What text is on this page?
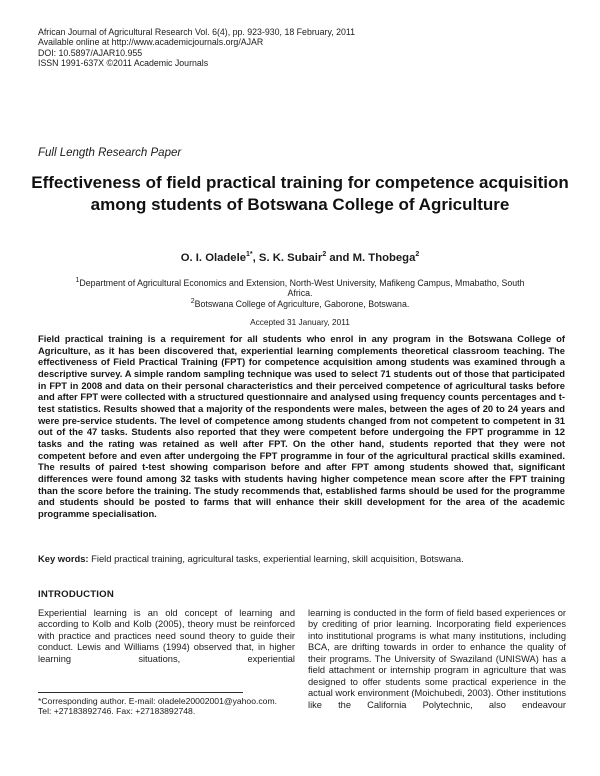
African Journal of Agricultural Research Vol. 6(4), pp. 923-930, 18 February, 2011
Available online at http://www.academicjournals.org/AJAR
DOI: 10.5897/AJAR10.955
ISSN 1991-637X ©2011 Academic Journals
Full Length Research Paper
Effectiveness of field practical training for competence acquisition among students of Botswana College of Agriculture
O. I. Oladele$^{1*}$, S. K. Subair$^2$ and M. Thobega$^2$
$^1$Department of Agricultural Economics and Extension, North-West University, Mafikeng Campus, Mmabatho, South Africa.
$^2$Botswana College of Agriculture, Gaborone, Botswana.
Accepted 31 January, 2011
Field practical training is a requirement for all students who enrol in any program in the Botswana College of Agriculture, as it has been discovered that, experiential learning complements theoretical classroom teaching. The effectiveness of Field Practical Training (FPT) for competence acquisition among students was examined through a descriptive survey. A simple random sampling technique was used to select 71 students out of those that participated in FPT in 2008 and data on their personal characteristics and their perceived competence of agricultural tasks before and after FPT were collected with a structured questionnaire and analysed using frequency counts percentages and t-test statistics. Results showed that a majority of the respondents were males, between the ages of 20 to 24 years and were pre-service students. The level of competence among students changed from not competent to competent in 31 out of the 47 tasks. Students also reported that they were competent before undergoing the FPT programme in 12 tasks and the rating was retained as well after FPT. On the other hand, students reported that they were not competent before and even after undergoing the FPT programme in four of the agricultural practical skills examined. The results of paired t-test showing comparison before and after FPT among students showed that, significant differences were found among 32 tasks with students having higher competence mean score after the FPT training than the score before the training. The study recommends that, established farms should be used for the programme and students should be posted to farms that will enhance their skill development for the area of the academic programme specialisation.
Key words: Field practical training, agricultural tasks, experiential learning, skill acquisition, Botswana.
INTRODUCTION
Experiential learning is an old concept of learning and according to Kolb and Kolb (2005), theory must be reinforced with practice and practices need sound theory to guide their conduct. Lewis and Williams (1994) observed that, in higher learning situations, experiential
learning is conducted in the form of field based experiences or by crediting of prior learning. Incorporating field experiences into institutional programs is what many institutions, including BCA, are drifting towards in order to enhance the quality of their programs. The University of Swaziland (UNISWA) has a field attachment or internship program in agriculture that was designed to offer students some practical experience in the actual work environment (Moichubedi, 2003). Other institutions like the California Polytechnic, also endeavour
*Corresponding author. E-mail: oladele20002001@yahoo.com.
Tel: +27183892746. Fax: +27183892748.
